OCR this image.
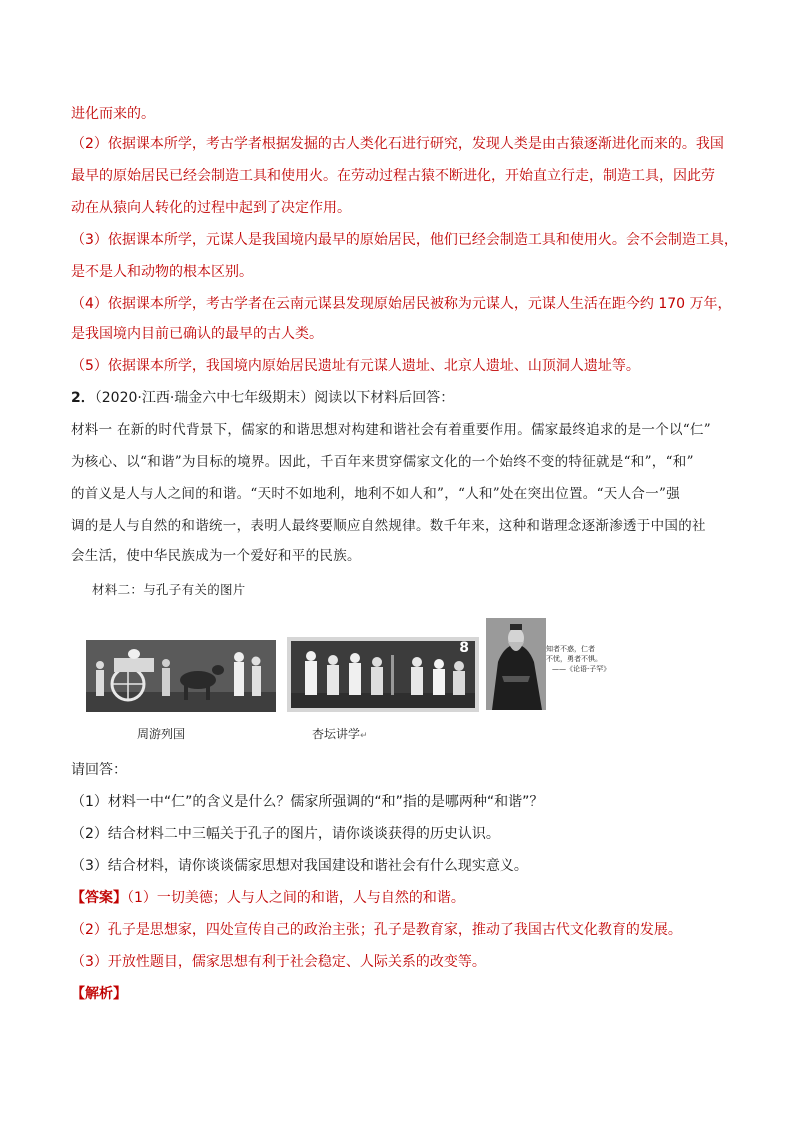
进化而来的。
（2）依据课本所学，考古学者根据发掘的古人类化石进行研究，发现人类是由古猿逐渐进化而来的。我国
最早的原始居民已经会制造工具和使用火。在劳动过程古猿不断进化，开始直立行走，制造工具，因此劳
动在从猿向人转化的过程中起到了决定作用。
（3）依据课本所学，元谋人是我国境内最早的原始居民，他们已经会制造工具和使用火。会不会制造工具，
是不是人和动物的根本区别。
（4）依据课本所学，考古学者在云南元谋县发现原始居民被称为元谋人，元谋人生活在距今约 170 万年，
是我国境内目前已确认的最早的古人类。
（5）依据课本所学，我国境内原始居民遗址有元谋人遗址、北京人遗址、山顶洞人遗址等。
2．（2020·江西·瑞金六中七年级期末）阅读以下材料后回答：
材料一 在新的时代背景下，儒家的和谐思想对构建和谐社会有着重要作用。儒家最终追求的是一个以“仁”
为核心、以“和谐”为目标的境界。因此，千百年来贯穿儒家文化的一个始终不变的特征就是“和”，“和”
的首义是人与人之间的和谐。“天时不如地利，地利不如人和”，“人和”处在突出位置。“天人合一”强
调的是人与自然的和谐统一，表明人最终要顺应自然规律。数千年来，这种和谐理念逐渐渗透于中国的社
会生活，使中华民族成为一个爱好和平的民族。
材料二：与孔子有关的图片
周游列国
8
杏坛讲学↵
知者不惑，仁者
不忧，勇者不惧。
——《论语·子罕》
请回答：
（1）材料一中“仁”的含义是什么？儒家所强调的“和”指的是哪两种“和谐”？
（2）结合材料二中三幅关于孔子的图片，请你谈谈获得的历史认识。
（3）结合材料，请你谈谈儒家思想对我国建设和谐社会有什么现实意义。
【答案】（1）一切美德；人与人之间的和谐，人与自然的和谐。
（2）孔子是思想家，四处宣传自己的政治主张；孔子是教育家，推动了我国古代文化教育的发展。
（3）开放性题目，儒家思想有利于社会稳定、人际关系的改变等。
【解析】
